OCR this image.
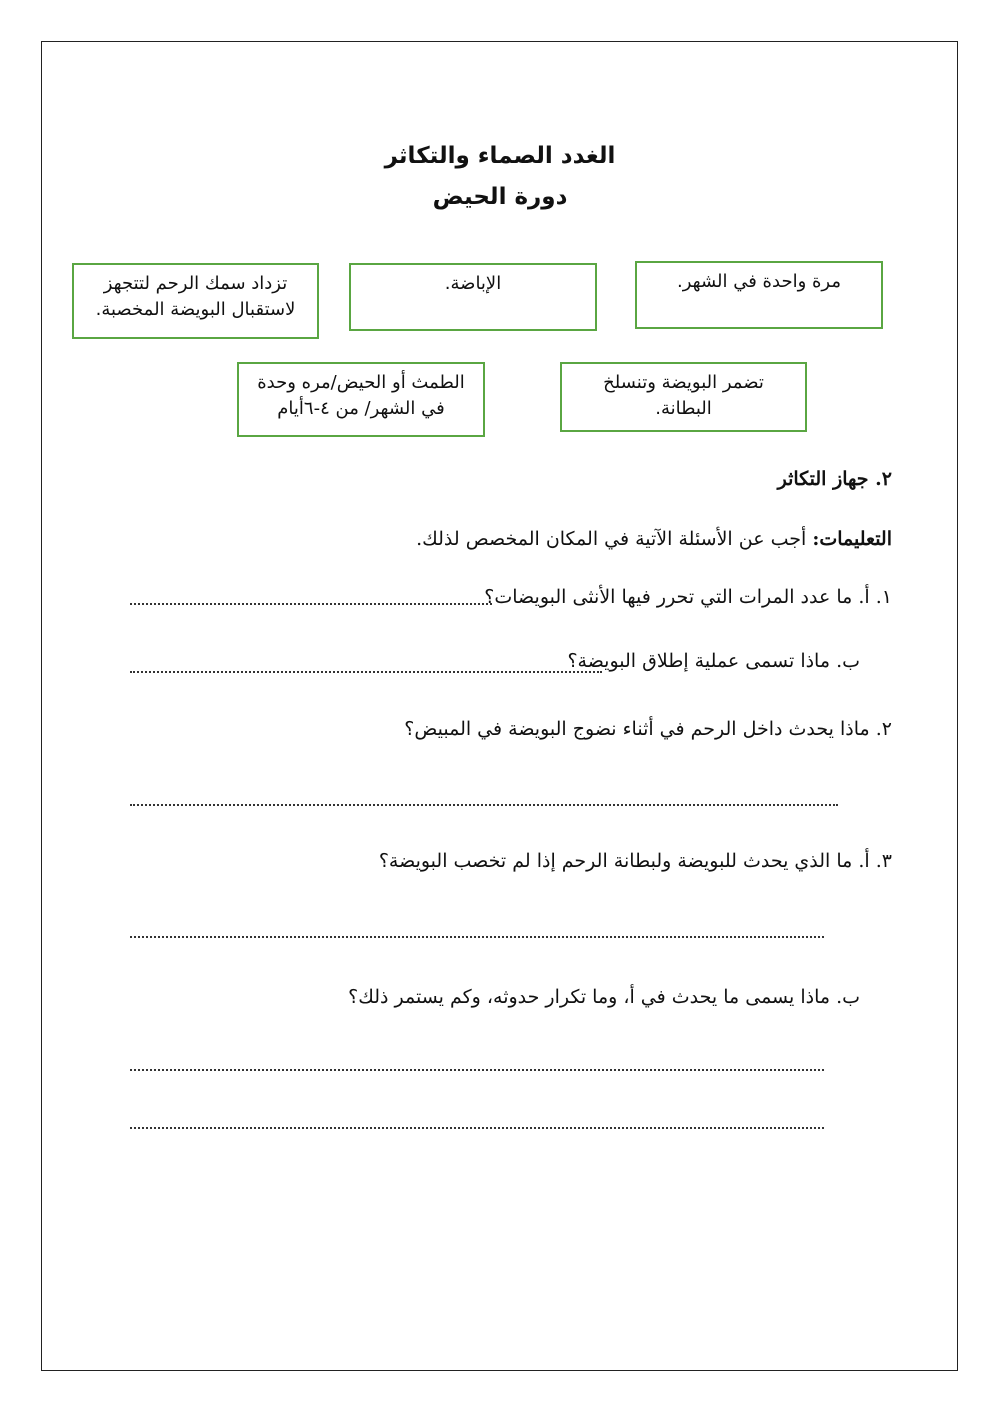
الغدد الصماء والتكاثر
دورة الحيض
مرة واحدة في الشهر.
الإباضة.
تزداد سمك الرحم لتتجهز
لاستقبال البويضة المخصبة.
تضمر البويضة وتنسلخ
البطانة.
الطمث أو الحيض/مره وحدة
في الشهر/ من ٤-٦أيام
٢. جهاز التكاثر
التعليمات: أجب عن الأسئلة الآتية في المكان المخصص لذلك.
١. أ. ما عدد المرات التي تحرر فيها الأنثى البويضات؟
ب. ماذا تسمى عملية إطلاق البويضة؟
٢. ماذا يحدث داخل الرحم في أثناء نضوج البويضة في المبيض؟
٣. أ. ما الذي يحدث للبويضة ولبطانة الرحم إذا لم تخصب البويضة؟
ب. ماذا يسمى ما يحدث في أ، وما تكرار حدوثه، وكم يستمر ذلك؟
